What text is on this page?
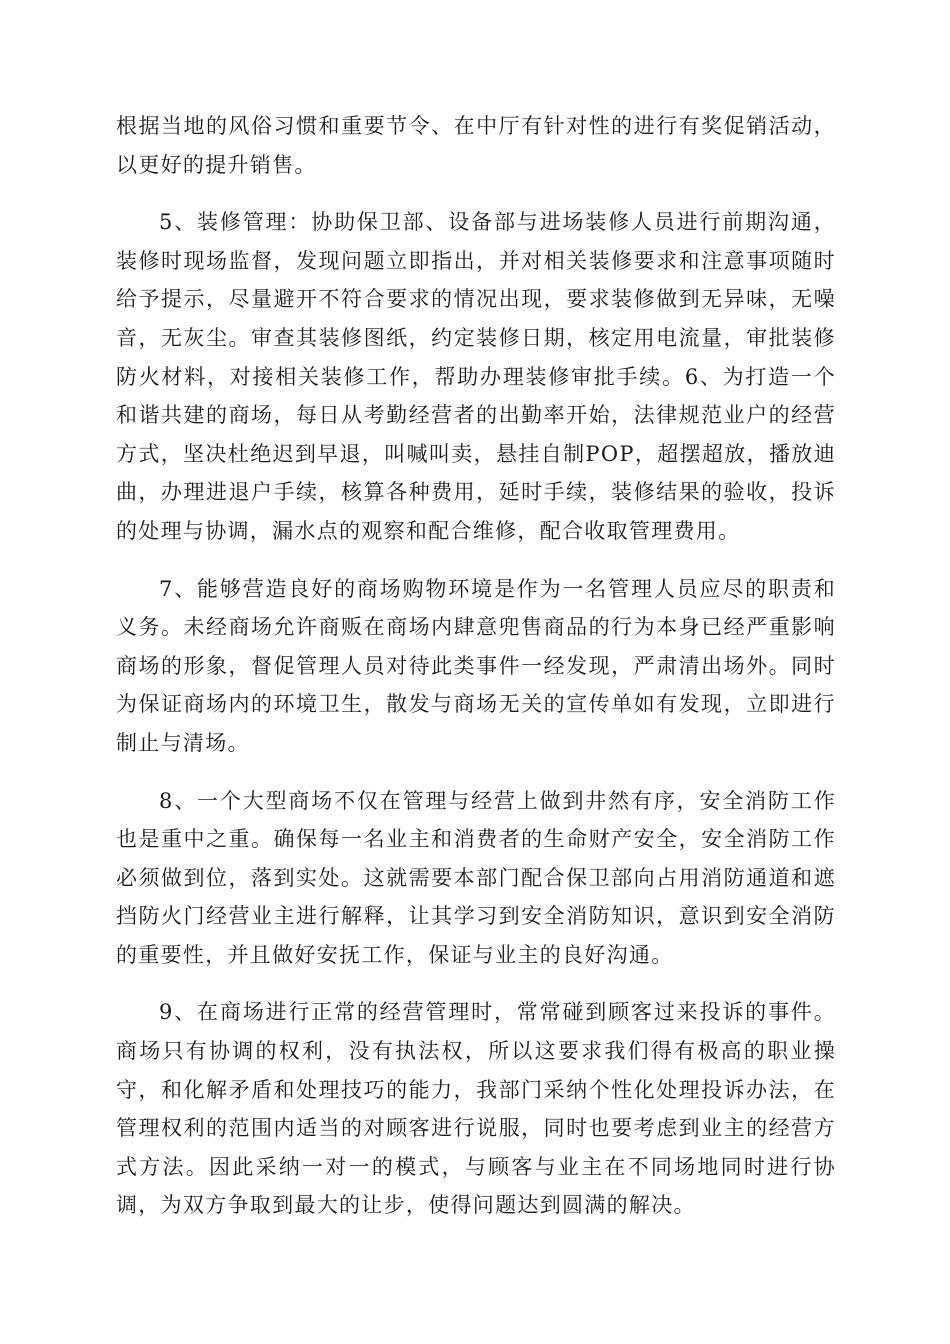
根据当地的风俗习惯和重要节令、在中厅有针对性的进行有奖促销活动，以更好的提升销售。

5、装修管理：协助保卫部、设备部与进场装修人员进行前期沟通，装修时现场监督，发现问题立即指出，并对相关装修要求和注意事项随时给予提示，尽量避开不符合要求的情况出现，要求装修做到无异味，无噪音，无灰尘。审查其装修图纸，约定装修日期，核定用电流量，审批装修防火材料，对接相关装修工作，帮助办理装修审批手续。6、为打造一个和谐共建的商场，每日从考勤经营者的出勤率开始，法律规范业户的经营方式，坚决杜绝迟到早退，叫喊叫卖，悬挂自制POP，超摆超放，播放迪曲，办理进退户手续，核算各种费用，延时手续，装修结果的验收，投诉的处理与协调，漏水点的观察和配合维修，配合收取管理费用。

7、能够营造良好的商场购物环境是作为一名管理人员应尽的职责和义务。未经商场允许商贩在商场内肆意兜售商品的行为本身已经严重影响商场的形象，督促管理人员对待此类事件一经发现，严肃清出场外。同时为保证商场内的环境卫生，散发与商场无关的宣传单如有发现，立即进行制止与清场。

8、一个大型商场不仅在管理与经营上做到井然有序，安全消防工作也是重中之重。确保每一名业主和消费者的生命财产安全，安全消防工作必须做到位，落到实处。这就需要本部门配合保卫部向占用消防通道和遮挡防火门经营业主进行解释，让其学习到安全消防知识，意识到安全消防的重要性，并且做好安抚工作，保证与业主的良好沟通。

9、在商场进行正常的经营管理时，常常碰到顾客过来投诉的事件。商场只有协调的权利，没有执法权，所以这要求我们得有极高的职业操守，和化解矛盾和处理技巧的能力，我部门采纳个性化处理投诉办法，在管理权利的范围内适当的对顾客进行说服，同时也要考虑到业主的经营方式方法。因此采纳一对一的模式，与顾客与业主在不同场地同时进行协调，为双方争取到最大的让步，使得问题达到圆满的解决。
